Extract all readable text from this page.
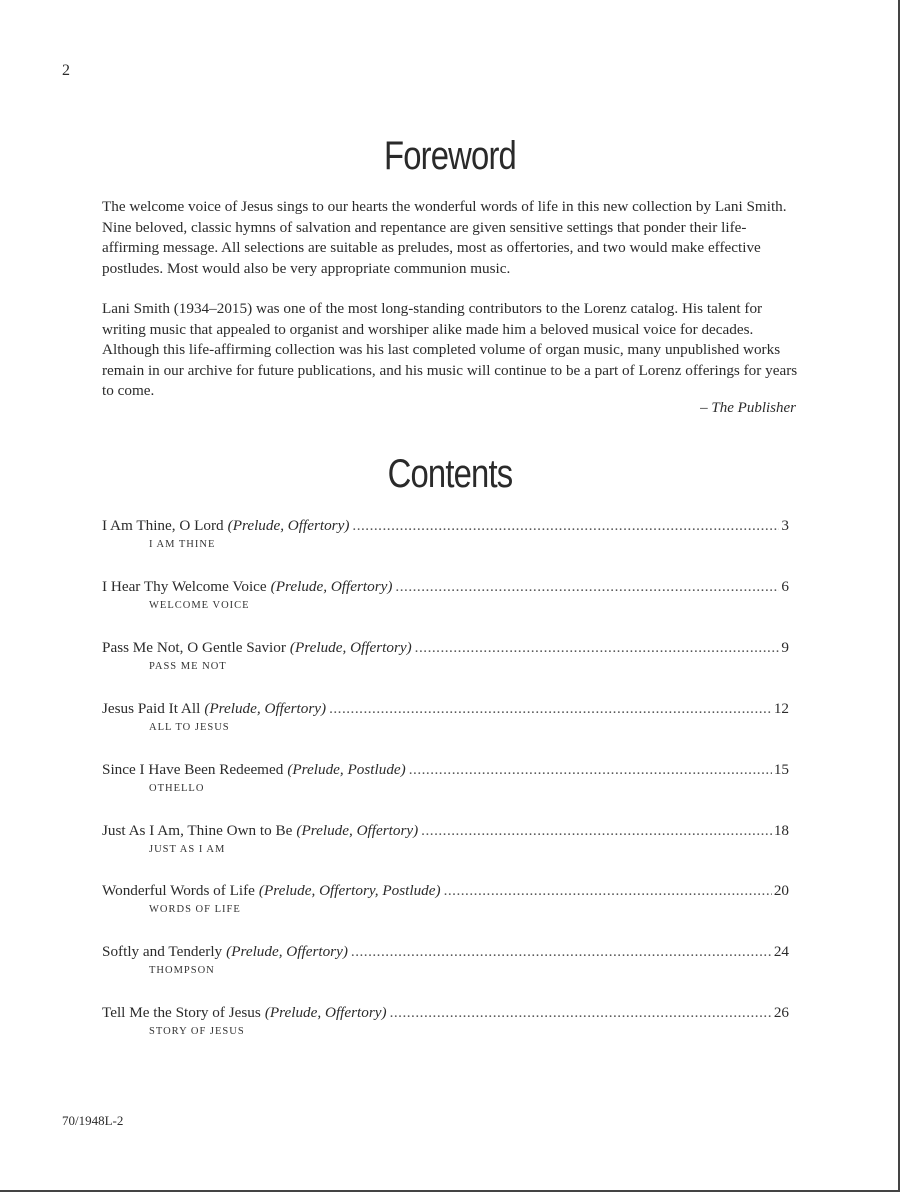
2
Foreword

The welcome voice of Jesus sings to our hearts the wonderful words of life in this new collection by Lani Smith. Nine beloved, classic hymns of salvation and repentance are given sensitive settings that ponder their life-affirming message. All selections are suitable as preludes, most as offertories, and two would make effective postludes. Most would also be very appropriate communion music.

Lani Smith (1934–2015) was one of the most long-standing contributors to the Lorenz catalog. His talent for writing music that appealed to organist and worshiper alike made him a beloved musical voice for decades. Although this life-affirming collection was his last completed volume of organ music, many unpublished works remain in our archive for future publications, and his music will continue to be a part of Lorenz offerings for years to come.

– The Publisher
Contents
I Am Thine, O Lord (Prelude, Offertory) .....	3
I AM THINE
I Hear Thy Welcome Voice (Prelude, Offertory) .....	6
WELCOME VOICE
Pass Me Not, O Gentle Savior (Prelude, Offertory) .....	9
PASS ME NOT
Jesus Paid It All (Prelude, Offertory) .....	12
ALL TO JESUS
Since I Have Been Redeemed (Prelude, Postlude) .....	15
OTHELLO
Just As I Am, Thine Own to Be (Prelude, Offertory) .....	18
JUST AS I AM
Wonderful Words of Life (Prelude, Offertory, Postlude) .....	20
WORDS OF LIFE
Softly and Tenderly (Prelude, Offertory) .....	24
THOMPSON
Tell Me the Story of Jesus (Prelude, Offertory) .....	26
STORY OF JESUS
70/1948L-2
